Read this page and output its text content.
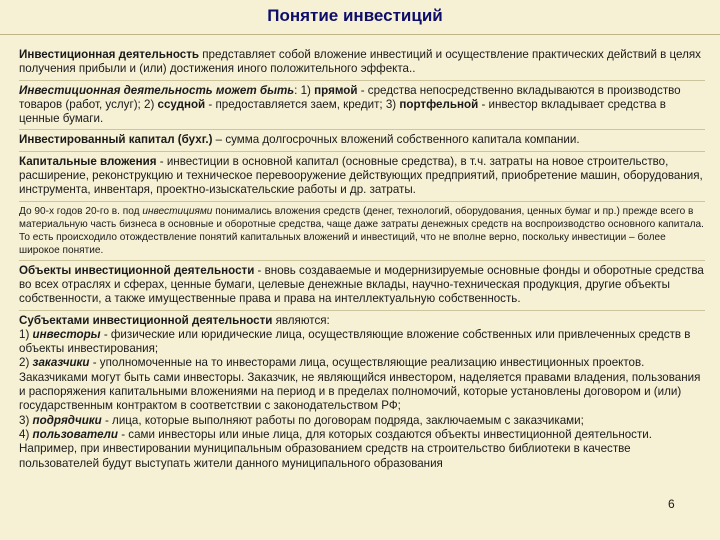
Понятие инвестиций
Инвестиционная деятельность представляет собой вложение инвестиций и осуществление практических действий в целях получения прибыли и (или) достижения иного положительного эффекта..
Инвестиционная деятельность может быть: 1) прямой - средства непосредственно вкладываются в производство товаров (работ, услуг); 2) ссудной - предоставляется заем, кредит; 3) портфельной - инвестор вкладывает средства в ценные бумаги.
Инвестированный капитал (бухг.) – сумма долгосрочных вложений собственного капитала компании.
Капитальные вложения - инвестиции в основной капитал (основные средства), в т.ч. затраты на новое строительство, расширение, реконструкцию и техническое перевооружение действующих предприятий, приобретение машин, оборудования, инструмента, инвентаря, проектно-изыскательские работы и др. затраты.
До 90-х годов 20-го в. под инвестициями понимались вложения средств (денег, технологий, оборудования, ценных бумаг и пр.) прежде всего в материальную часть бизнеса в основные и оборотные средства, чаще даже затраты денежных средств на воспроизводство основного капитала. То есть происходило отождествление понятий капитальных вложений и инвестиций, что не вполне верно, поскольку инвестиции – более широкое понятие.
Объекты инвестиционной деятельности - вновь создаваемые и модернизируемые основные фонды и оборотные средства во всех отраслях и сферах, ценные бумаги, целевые денежные вклады, научно-техническая продукция, другие объекты собственности, а также имущественные права и права на интеллектуальную собственность.
Субъектами инвестиционной деятельности являются:
1) инвесторы - физические или юридические лица, осуществляющие вложение собственных или привлеченных средств в объекты инвестирования;
2) заказчики - уполномоченные на то инвесторами лица, осуществляющие реализацию инвестиционных проектов. Заказчиками могут быть сами инвесторы. Заказчик, не являющийся инвестором, наделяется правами владения, пользования и распоряжения капитальными вложениями на период и в пределах полномочий, которые установлены договором и (или) государственным контрактом в соответствии с законодательством РФ;
3) подрядчики - лица, которые выполняют работы по договорам подряда, заключаемым с заказчиками;
4) пользователи - сами инвесторы или иные лица, для которых создаются объекты инвестиционной деятельности. Например, при инвестировании муниципальным образованием средств на строительство библиотеки в качестве пользователей будут выступать жители данного муниципального образования
6
